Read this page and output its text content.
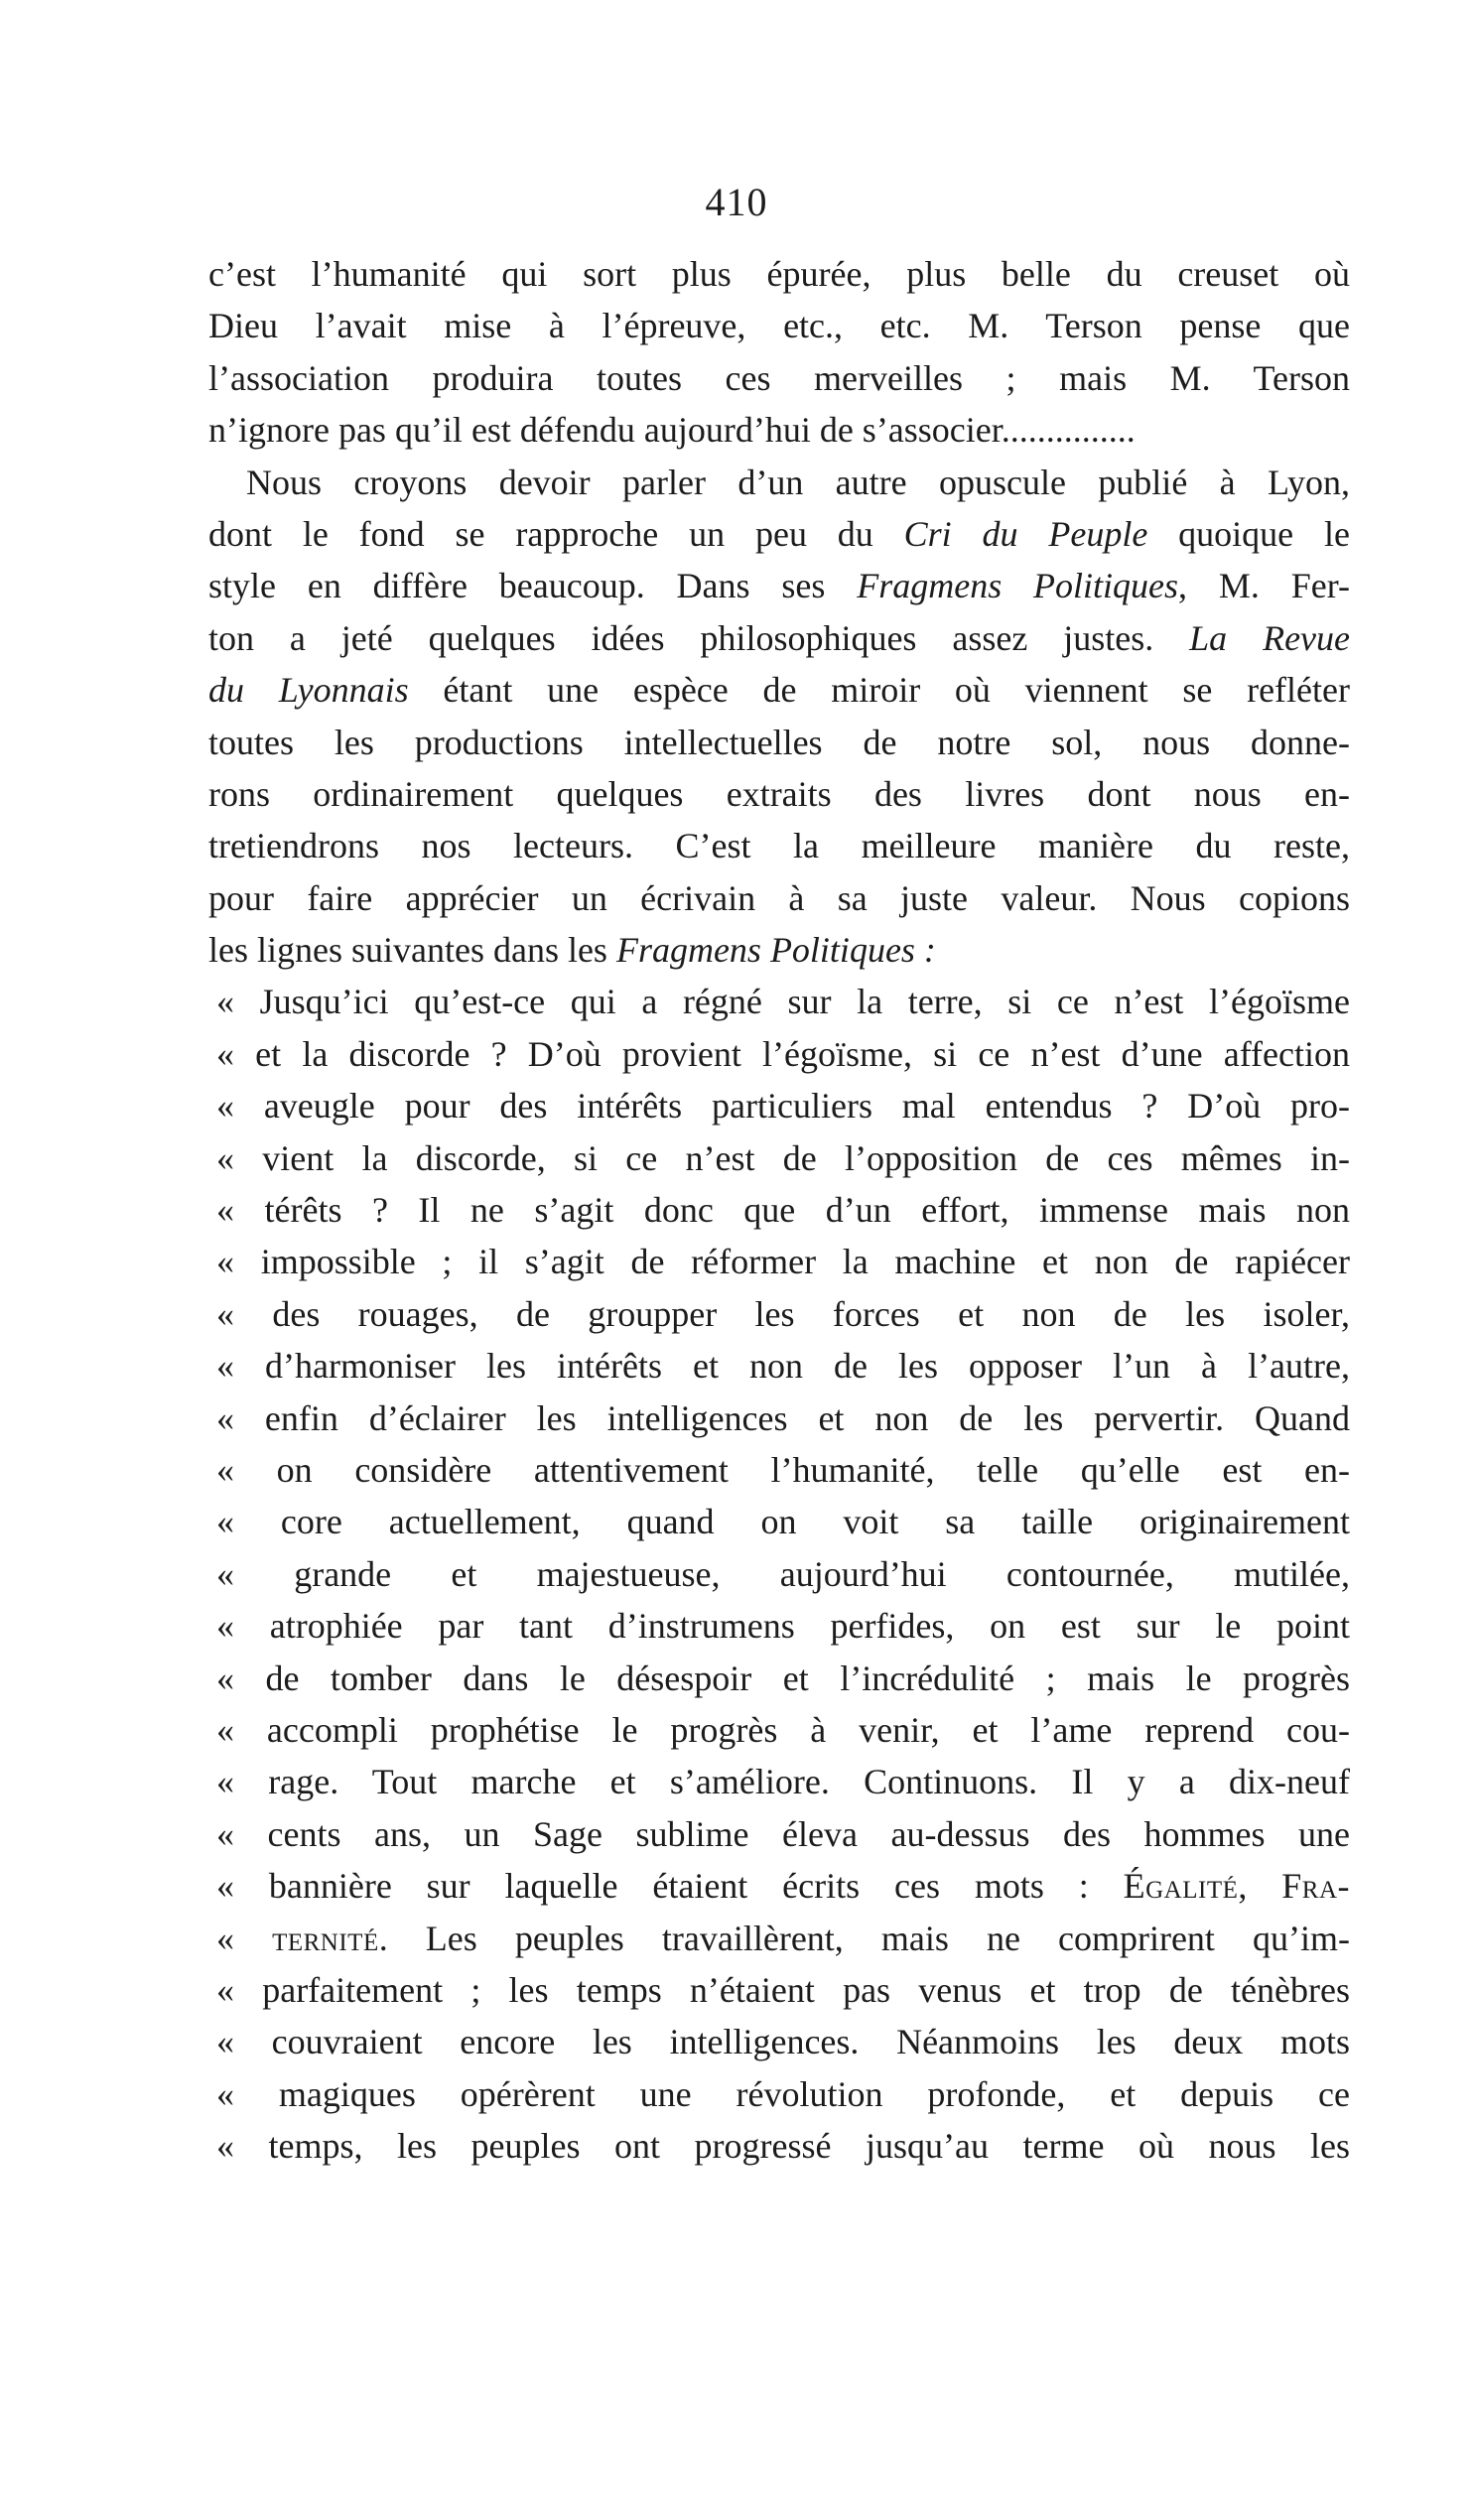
410
c’est l’humanité qui sort plus épurée, plus belle du creuset où
Dieu l’avait mise à l’épreuve, etc., etc. M. Terson pense que
l’association produira toutes ces merveilles ; mais M. Terson
n’ignore pas qu’il est défendu aujourd’hui de s’associer...............
Nous croyons devoir parler d’un autre opuscule publié à Lyon,
dont le fond se rapproche un peu du Cri du Peuple quoique le
style en diffère beaucoup. Dans ses Fragmens Politiques, M. Fer-
ton a jeté quelques idées philosophiques assez justes. La Revue
du Lyonnais étant une espèce de miroir où viennent se refléter
toutes les productions intellectuelles de notre sol, nous donne-
rons ordinairement quelques extraits des livres dont nous en-
tretiendrons nos lecteurs. C’est la meilleure manière du reste,
pour faire apprécier un écrivain à sa juste valeur. Nous copions
les lignes suivantes dans les Fragmens Politiques :
« Jusqu’ici qu’est-ce qui a régné sur la terre, si ce n’est l’égoïsme
« et la discorde ? D’où provient l’égoïsme, si ce n’est d’une affection
« aveugle pour des intérêts particuliers mal entendus ? D’où pro-
« vient la discorde, si ce n’est de l’opposition de ces mêmes in-
« térêts ? Il ne s’agit donc que d’un effort, immense mais non
« impossible ; il s’agit de réformer la machine et non de rapiécer
« des rouages, de groupper les forces et non de les isoler,
« d’harmoniser les intérêts et non de les opposer l’un à l’autre,
« enfin d’éclairer les intelligences et non de les pervertir. Quand
« on considère attentivement l’humanité, telle qu’elle est en-
« core actuellement, quand on voit sa taille originairement
« grande et majestueuse, aujourd’hui contournée, mutilée,
« atrophiée par tant d’instrumens perfides, on est sur le point
« de tomber dans le désespoir et l’incrédulité ; mais le progrès
« accompli prophétise le progrès à venir, et l’ame reprend cou-
« rage. Tout marche et s’améliore. Continuons. Il y a dix-neuf
« cents ans, un Sage sublime éleva au-dessus des hommes une
« bannière sur laquelle étaient écrits ces mots : Égalité, Fra-
« ternité. Les peuples travaillèrent, mais ne comprirent qu’im-
« parfaitement ; les temps n’étaient pas venus et trop de ténèbres
« couvraient encore les intelligences. Néanmoins les deux mots
« magiques opérèrent une révolution profonde, et depuis ce
« temps, les peuples ont progressé jusqu’au terme où nous les
